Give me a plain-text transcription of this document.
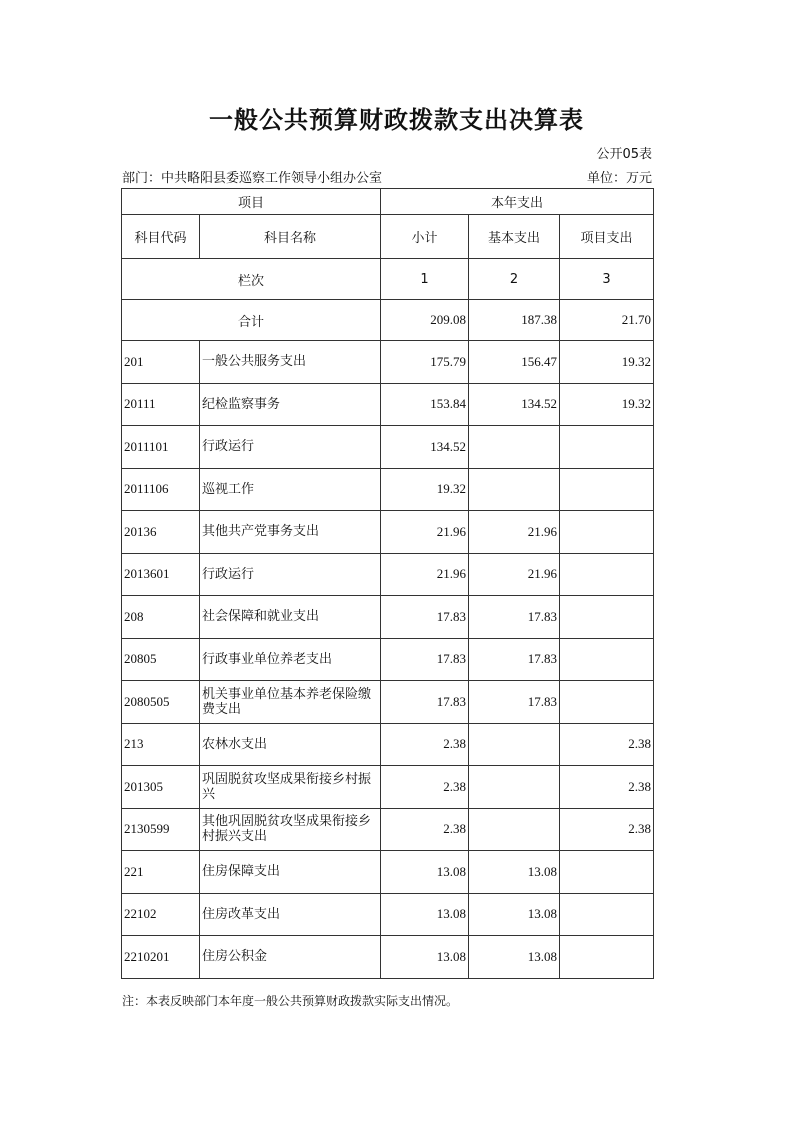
一般公共预算财政拨款支出决算表
公开05表
部门：中共略阳县委巡察工作领导小组办公室	单位：万元
项目		本年支出		
科目代码	科目名称	小计	基本支出	项目支出
栏次		1	2	3
合计		209.08	187.38	21.70
201	一般公共服务支出	175.79	156.47	19.32
20111	纪检监察事务	153.84	134.52	19.32
2011101	行政运行	134.52		
2011106	巡视工作	19.32		
20136	其他共产党事务支出	21.96	21.96	
2013601	行政运行	21.96	21.96	
208	社会保障和就业支出	17.83	17.83	
20805	行政事业单位养老支出	17.83	17.83	
2080505	机关事业单位基本养老保险缴费支出	17.83	17.83	
213	农林水支出	2.38		2.38
201305	巩固脱贫攻坚成果衔接乡村振兴	2.38		2.38
2130599	其他巩固脱贫攻坚成果衔接乡村振兴支出	2.38		2.38
221	住房保障支出	13.08	13.08	
22102	住房改革支出	13.08	13.08	
2210201	住房公积金	13.08	13.08	
注：本表反映部门本年度一般公共预算财政拨款实际支出情况。
